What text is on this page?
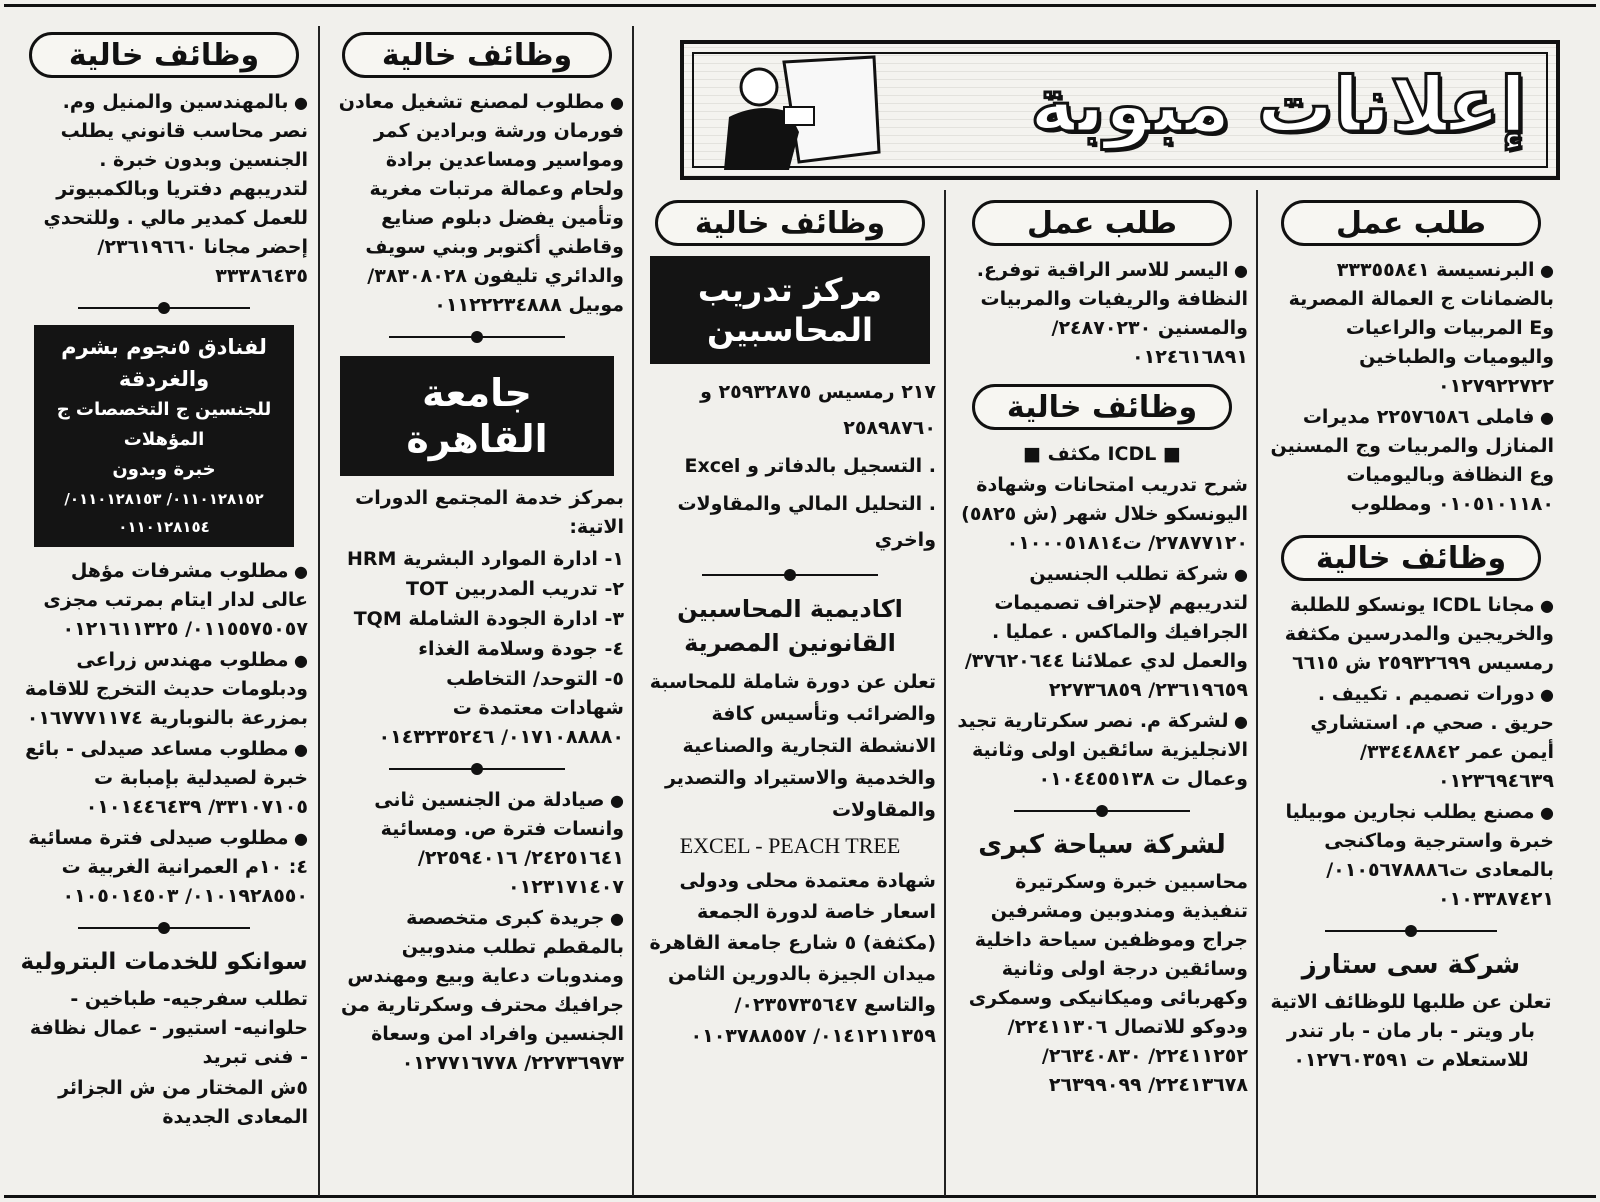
إعلانات مبوبة
طلب عمل

● البرنسيسة ٣٣٣٥٥٨٤١ بالضمانات ج العمالة المصرية وE المربيات والراعيات واليوميات والطباخين ٠١٢٧٩٢٢٧٢٢

● فاملى ٢٢٥٧٦٥٨٦ مديرات المنازل والمربيات وج المسنين وع النظافة وباليوميات ٠١٠٥١٠١١٨٠ ومطلوب

وظائف خالية

● مجانا ICDL يونسكو للطلبة والخريجين والمدرسين مكثفة رمسيس ٢٥٩٣٢٦٩٩ ش ٦٦١٥

● دورات تصميم . تكييف . حريق . صحي م. استشاري أيمن عمر ٣٣٤٤٨٨٤٢/ ٠١٢٣٦٩٤٦٣٩

● مصنع يطلب نجارين موبيليا خبرة واسترجية وماكنجى بالمعادى ت٠١٠٥٦٧٨٨٨٦/ ٠١٠٣٣٨٧٤٢١

شركة سى ستارز

تعلن عن طلبها للوظائف الاتية بار ويتر - بار مان - بار تندر للاستعلام ت ٠١٢٧٦٠٣٥٩١

طلب عمل

● اليسر للاسر الراقية توفرع. النظافة والريفيات والمربيات والمسنين ٢٤٨٧٠٢٣٠/ ٠١٢٤٦١٦٨٩١

وظائف خالية

■ ICDL مكثف ■

شرح تدريب امتحانات وشهادة اليونسكو خلال شهر (ش ٥٨٢٥) ٢٧٨٧٧١٢٠/ ت٠١٠٠٠٥١٨١٤

● شركة تطلب الجنسين لتدريبهم لإحتراف تصميمات الجرافيك والماكس . عمليا . والعمل لدي عملائنا ٣٧٦٢٠٦٤٤/ ٢٣٦١٩٦٥٩/ ٢٢٧٣٦٨٥٩

● لشركة م. نصر سكرتارية تجيد الانجليزية سائقين اولى وثانية وعمال ت ٠١٠٤٤٥٥١٣٨

لشركة سياحة كبرى

محاسبين خبرة وسكرتيرة تنفيذية ومندوبين ومشرفين جراج وموظفين سياحة داخلية وسائقين درجة اولى وثانية وكهربائى وميكانيكى وسمكرى ودوكو للاتصال ٢٢٤١١٣٠٦/ ٢٢٤١١٢٥٢/ ٢٦٣٤٠٨٣٠/ ٢٢٤١٣٦٧٨/ ٢٦٣٩٩٠٩٩

وظائف خالية
مركز تدريب المحاسبين

٢١٧ رمسيس ٢٥٩٣٢٨٧٥ و ٢٥٨٩٨٧٦٠

. التسجيل بالدفاتر و Excel

. التحليل المالي والمقاولات واخري

اكاديمية المحاسبين القانونين المصرية

تعلن عن دورة شاملة للمحاسبة والضرائب وتأسيس كافة الانشطة التجارية والصناعية والخدمية والاستيراد والتصدير والمقاولات

EXCEL - PEACH TREE

شهادة معتمدة محلى ودولى اسعار خاصة لدورة الجمعة (مكثفة) ٥ شارع جامعة القاهرة ميدان الجيزة بالدورين الثامن والتاسع ٠٢٣٥٧٣٥٦٤٧/ ٠١٤١٢١١٣٥٩/ ٠١٠٣٧٨٨٥٥٧

وظائف خالية

● مطلوب لمصنع تشغيل معادن فورمان ورشة وبرادين كمر ومواسير ومساعدين برادة ولحام وعمالة مرتبات مغرية وتأمين يفضل دبلوم صنايع وقاطني أكتوبر وبني سويف والدائري تليفون ٣٨٣٠٨٠٢٨/ موبيل ٠١١٢٢٢٣٤٨٨٨

جامعة القاهرة

بمركز خدمة المجتمع الدورات الاتية:

١- ادارة الموارد البشرية HRM
٢- تدريب المدربين TOT
٣- ادارة الجودة الشاملة TQM
٤- جودة وسلامة الغذاء
٥- التوحد/ التخاطب

شهادات معتمدة ت ٠١٧١٠٨٨٨٨٠/ ٠١٤٣٢٣٥٢٤٦

● صيادلة من الجنسين ثانى وانسات فترة ص. ومسائية ٢٤٢٥١٦٤١/ ٢٢٥٩٤٠١٦/ ٠١٢٣١٧١٤٠٧

● جريدة كبرى متخصصة بالمقطم تطلب مندوبين ومندوبات دعاية وبيع ومهندس جرافيك محترف وسكرتارية من الجنسين وافراد امن وسعاة ٢٢٧٣٦٩٧٣/ ٠١٢٧٧١٦٧٧٨

وظائف خالية

● بالمهندسين والمنيل وم. نصر محاسب قانوني يطلب الجنسين وبدون خبرة . لتدريبهم دفتريا وبالكمبيوتر للعمل كمدير مالي . وللتحدي إحضر مجانا ٢٣٦١٩٦٦٠/ ٣٣٣٨٦٤٣٥

لفنادق ٥نجوم بشرم والغردقة
للجنسين ج التخصصات ج المؤهلات
خبرة وبدون
٠١١٠١٢٨١٥٢/ ٠١١٠١٢٨١٥٣/ ٠١١٠١٢٨١٥٤

● مطلوب مشرفات مؤهل عالى لدار ايتام بمرتب مجزى ٠١١٥٥٧٥٠٥٧/ ٠١٢١٦١١٣٢٥

● مطلوب مهندس زراعى ودبلومات حديث التخرج للاقامة بمزرعة بالنوبارية ٠١٦٧٧٧١١٧٤

● مطلوب مساعد صيدلى - بائع خبرة لصيدلية بإمبابة ت ٣٣١٠٧١٠٥/ ٠١٠١٤٤٦٤٣٩

● مطلوب صيدلى فترة مسائية ٤: ١٠م العمرانية الغربية ت ٠١٠١٩٢٨٥٥٠/ ٠١٠٥٠١٤٥٠٣

سوانكو للخدمات البترولية

تطلب سفرجيه- طباخين - حلوانيه- استيور - عمال نظافة - فنى تبريد

٥ش المختار من ش الجزائر المعادى الجديدة
